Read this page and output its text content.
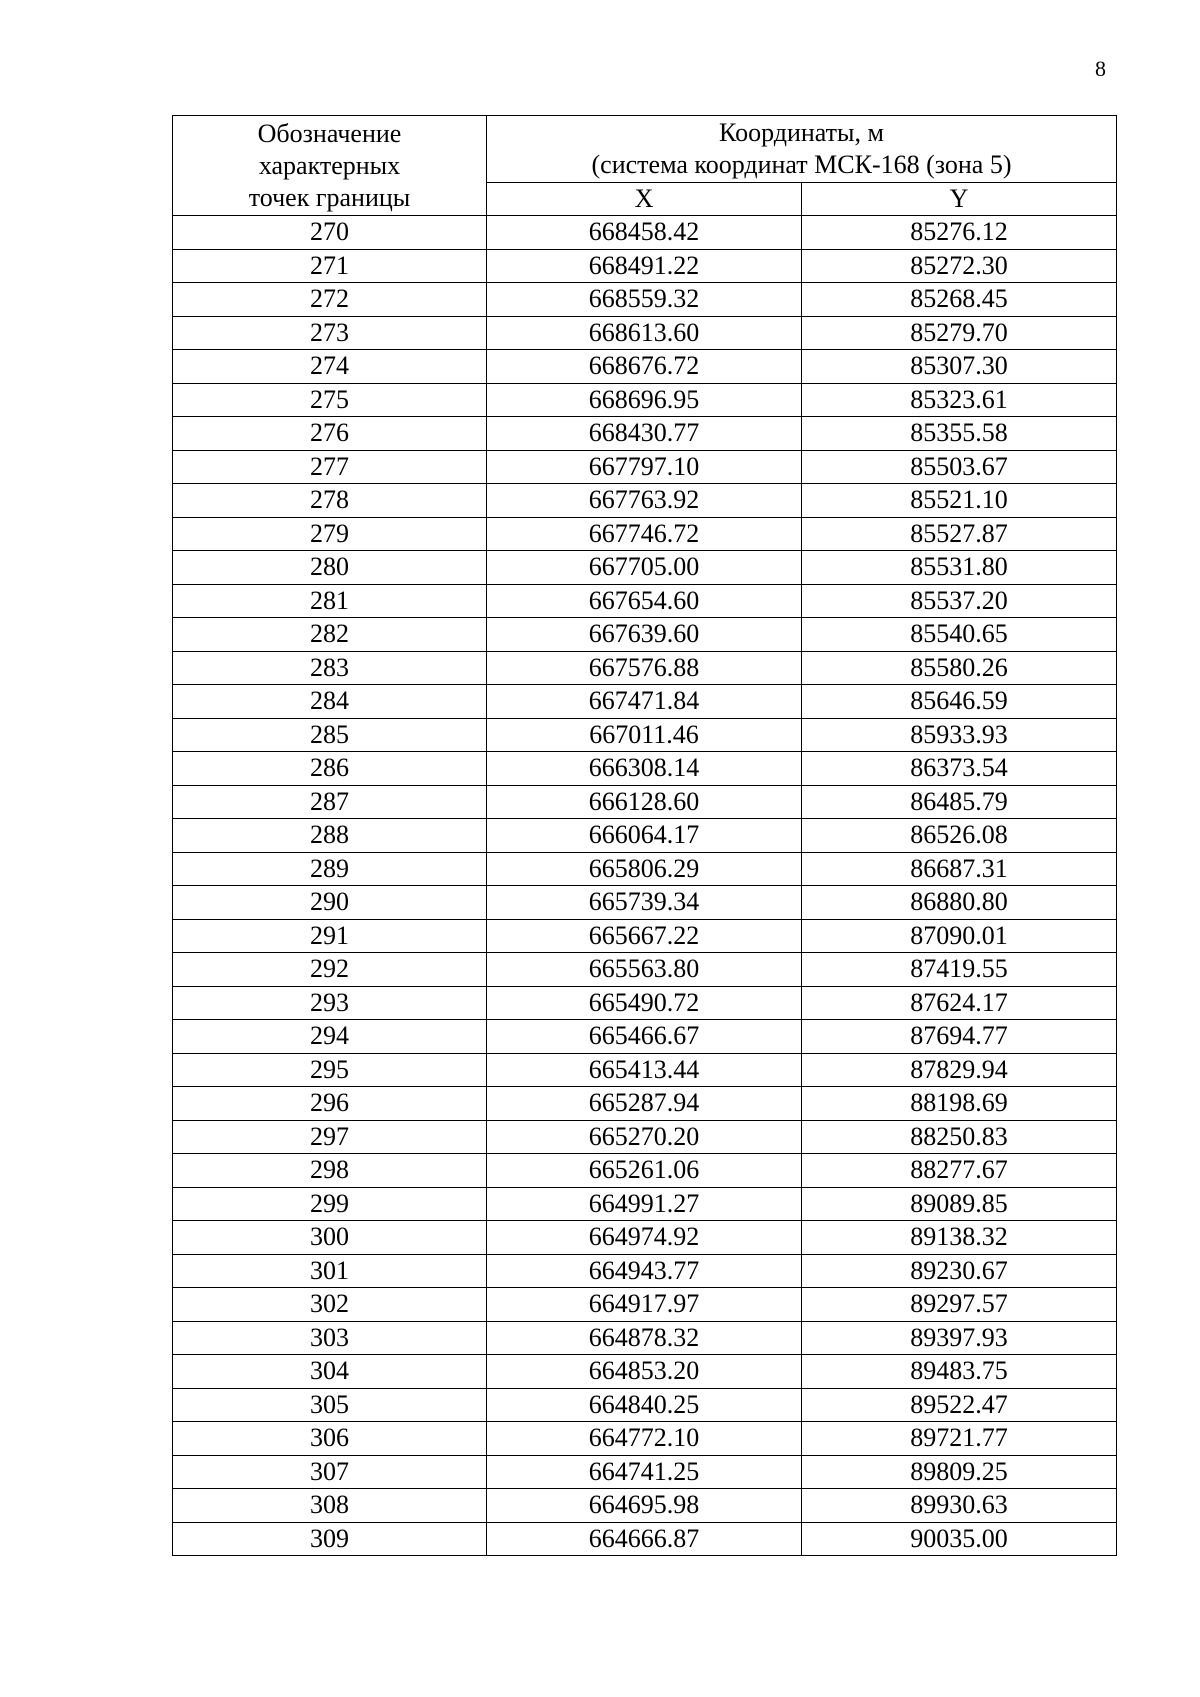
8
Обозначение
характерных
точек границы	Координаты, м
(система координат МСК-168 (зона 5)	

	X	Y
270	668458.42	85276.12
271	668491.22	85272.30
272	668559.32	85268.45
273	668613.60	85279.70
274	668676.72	85307.30
275	668696.95	85323.61
276	668430.77	85355.58
277	667797.10	85503.67
278	667763.92	85521.10
279	667746.72	85527.87
280	667705.00	85531.80
281	667654.60	85537.20
282	667639.60	85540.65
283	667576.88	85580.26
284	667471.84	85646.59
285	667011.46	85933.93
286	666308.14	86373.54
287	666128.60	86485.79
288	666064.17	86526.08
289	665806.29	86687.31
290	665739.34	86880.80
291	665667.22	87090.01
292	665563.80	87419.55
293	665490.72	87624.17
294	665466.67	87694.77
295	665413.44	87829.94
296	665287.94	88198.69
297	665270.20	88250.83
298	665261.06	88277.67
299	664991.27	89089.85
300	664974.92	89138.32
301	664943.77	89230.67
302	664917.97	89297.57
303	664878.32	89397.93
304	664853.20	89483.75
305	664840.25	89522.47
306	664772.10	89721.77
307	664741.25	89809.25
308	664695.98	89930.63
309	664666.87	90035.00
